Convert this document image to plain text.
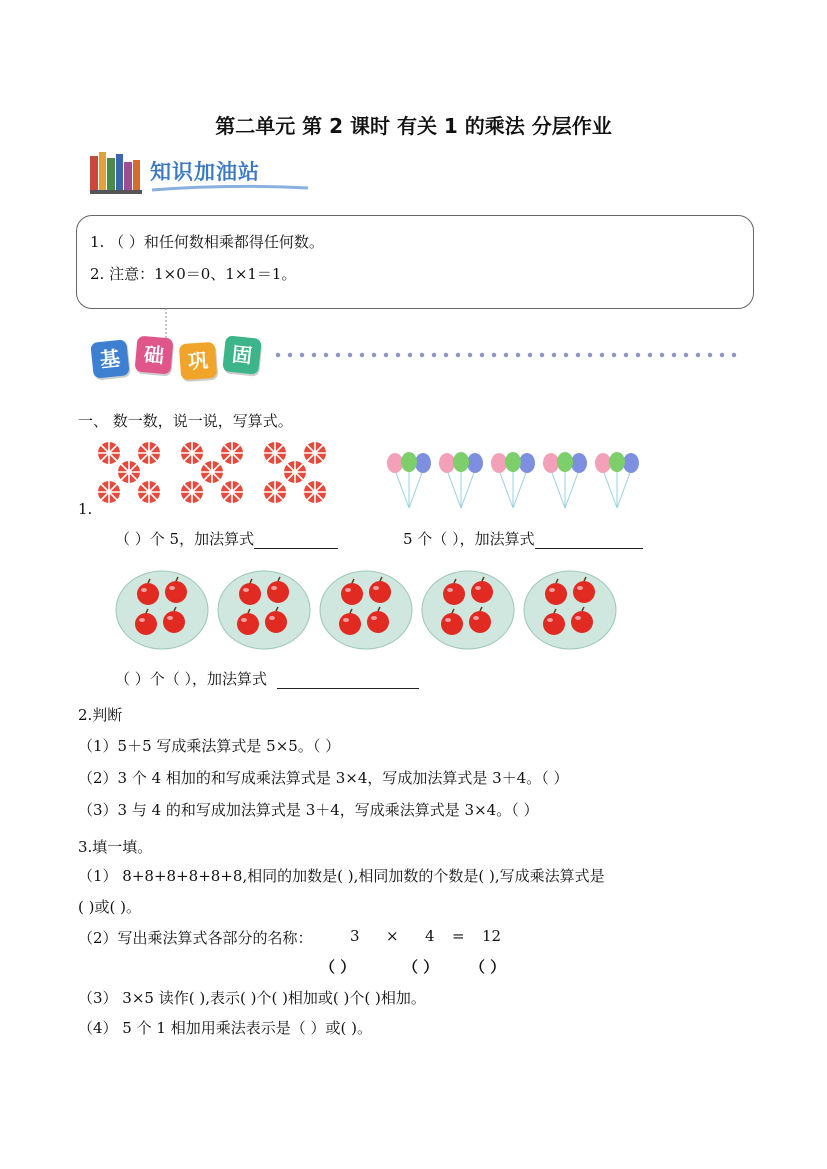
第二单元 第 2 课时 有关 1 的乘法 分层作业
知识加油站
1. （ ）和任何数相乘都得任何数。
2. 注意：1×0＝0、1×1＝1。
基	础	巩	固
一、 数一数，说一说，写算式。
1.
（ ）个 5，加法算式	5 个（ ），加法算式
（ ）个（ ），加法算式
2.判断
（1）5＋5 写成乘法算式是 5×5。（ ）
（2）3 个 4 相加的和写成乘法算式是 3×4，写成加法算式是 3＋4。（ ）
（3）3 与 4 的和写成加法算式是 3＋4，写成乘法算式是 3×4。（ ）
3.填一填。
（1） 8+8+8+8+8+8,相同的加数是( ),相同加数的个数是( ),写成乘法算式是
( )或( )。
（2）写出乘法算式各部分的名称： 3 × 4 = 12
（ ）	（ ） （ ）
（3） 3×5 读作( ),表示( )个( )相加或( )个( )相加。
（4） 5 个 1 相加用乘法表示是（ ）或( )。
